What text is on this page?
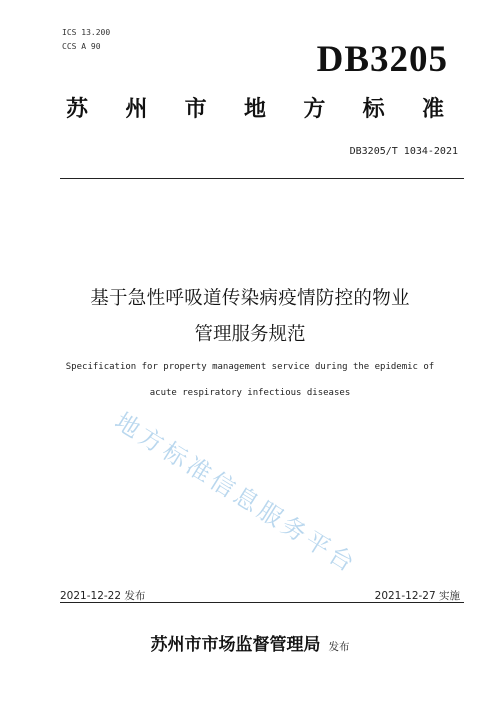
ICS 13.200
CCS A 90	DB3205
苏 州 市 地 方 标 准
DB3205/T 1034-2021
基于急性呼吸道传染病疫情防控的物业
管理服务规范
Specification for property management service during the epidemic of
acute respiratory infectious diseases
地方标准信息服务平台
2021-12-22 发布	2021-12-27 实施
苏州市市场监督管理局 发布
